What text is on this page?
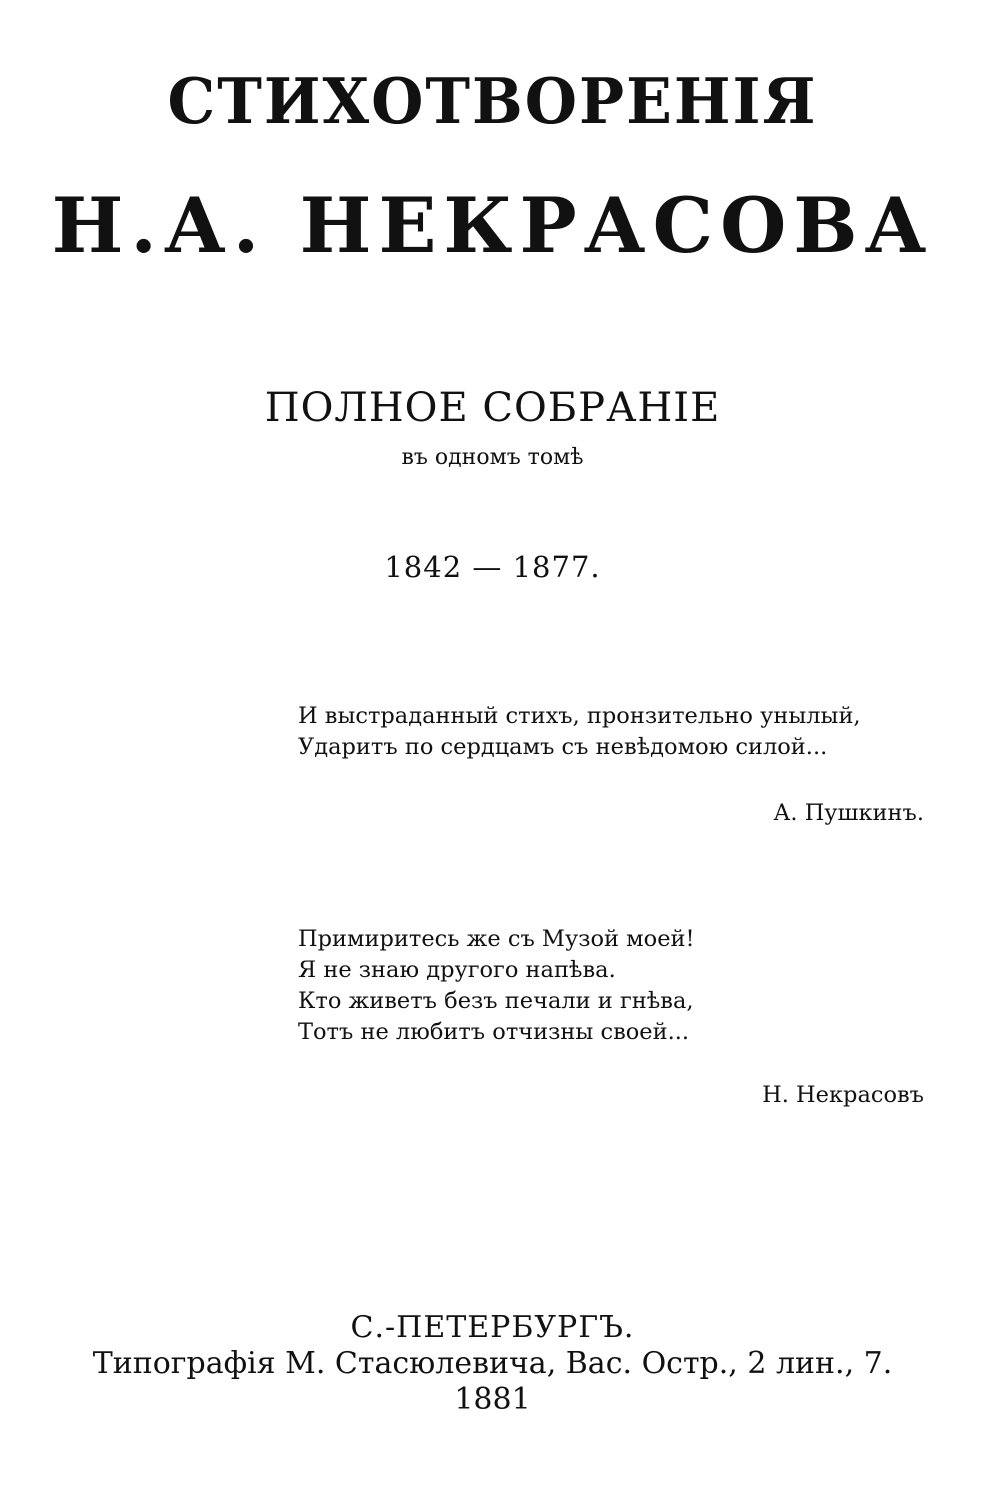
СТИХОТВОРЕНІЯ
Н.А. НЕКРАСОВА
ПОЛНОЕ СОБРАНІЕ
въ одномъ томѣ
1842 — 1877.
И выстраданный стихъ, пронзительно унылый,
Ударитъ по сердцамъ съ невѣдомою силой...
А. Пушкинъ.
Примиритесь же съ Музой моей!
Я не знаю другого напѣва.
Кто живетъ безъ печали и гнѣва,
Тотъ не любитъ отчизны своей...
Н. Некрасовъ
С.-ПЕТЕРБУРГЪ.
Типографія М. Стасюлевича, Вас. Остр., 2 лин., 7.
1881
